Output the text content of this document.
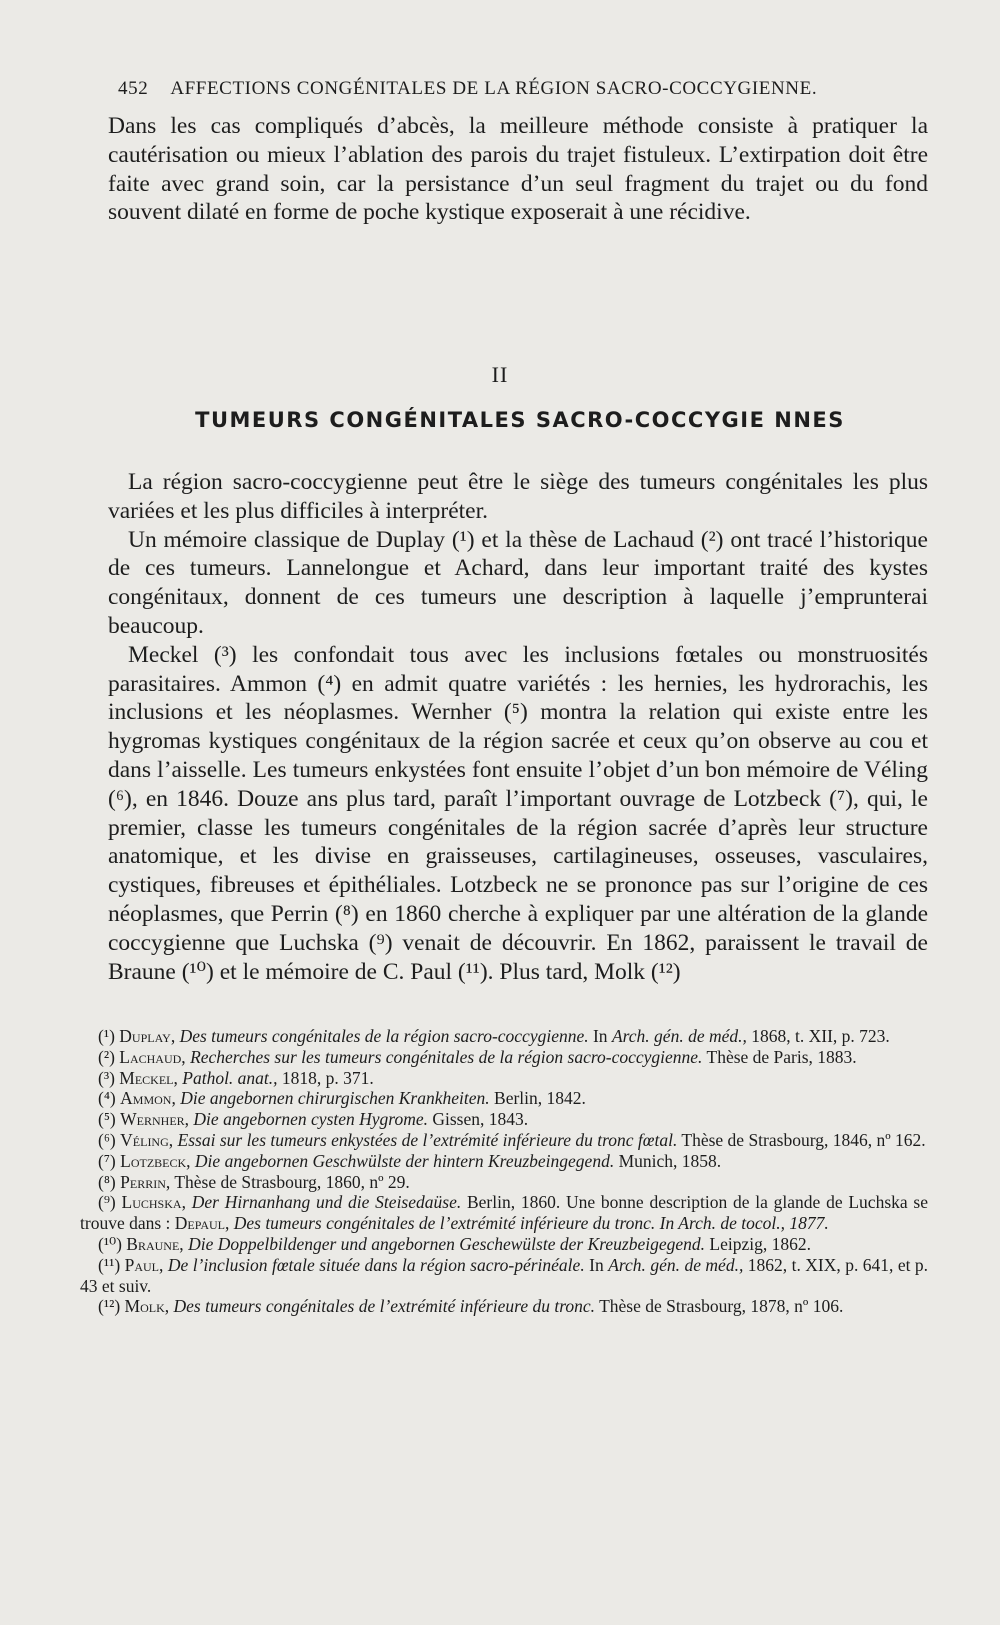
452 AFFECTIONS CONGÉNITALES DE LA RÉGION SACRO-COCCYGIENNE.

Dans les cas compliqués d’abcès, la meilleure méthode consiste à pratiquer la cautérisation ou mieux l’ablation des parois du trajet fistuleux. L’extirpation doit être faite avec grand soin, car la persistance d’un seul fragment du trajet ou du fond souvent dilaté en forme de poche kystique exposerait à une récidive.

II
TUMEURS CONGÉNITALES SACRO-COCCYGIE NNES

La région sacro-coccygienne peut être le siège des tumeurs congénitales les plus variées et les plus difficiles à interpréter.

Un mémoire classique de Duplay (¹) et la thèse de Lachaud (²) ont tracé l’historique de ces tumeurs. Lannelongue et Achard, dans leur important traité des kystes congénitaux, donnent de ces tumeurs une description à laquelle j’emprunterai beaucoup.

Meckel (³) les confondait tous avec les inclusions fœtales ou monstruosités parasitaires. Ammon (⁴) en admit quatre variétés : les hernies, les hydrorachis, les inclusions et les néoplasmes. Wernher (⁵) montra la relation qui existe entre les hygromas kystiques congénitaux de la région sacrée et ceux qu’on observe au cou et dans l’aisselle. Les tumeurs enkystées font ensuite l’objet d’un bon mémoire de Véling (⁶), en 1846. Douze ans plus tard, paraît l’important ouvrage de Lotzbeck (⁷), qui, le premier, classe les tumeurs congénitales de la région sacrée d’après leur structure anatomique, et les divise en graisseuses, cartilagineuses, osseuses, vasculaires, cystiques, fibreuses et épithéliales. Lotzbeck ne se prononce pas sur l’origine de ces néoplasmes, que Perrin (⁸) en 1860 cherche à expliquer par une altération de la glande coccygienne que Luchska (⁹) venait de découvrir. En 1862, paraissent le travail de Braune (¹⁰) et le mémoire de C. Paul (¹¹). Plus tard, Molk (¹²)

(¹) Duplay, Des tumeurs congénitales de la région sacro-coccygienne. In Arch. gén. de méd., 1868, t. XII, p. 723.

(²) Lachaud, Recherches sur les tumeurs congénitales de la région sacro-coccygienne. Thèse de Paris, 1883.

(³) Meckel, Pathol. anat., 1818, p. 371.

(⁴) Ammon, Die angebornen chirurgischen Krankheiten. Berlin, 1842.

(⁵) Wernher, Die angebornen cysten Hygrome. Gissen, 1843.

(⁶) Véling, Essai sur les tumeurs enkystées de l’extrémité inférieure du tronc fœtal. Thèse de Strasbourg, 1846, nº 162.

(⁷) Lotzbeck, Die angebornen Geschwülste der hintern Kreuzbeingegend. Munich, 1858.

(⁸) Perrin, Thèse de Strasbourg, 1860, nº 29.

(⁹) Luchska, Der Hirnanhang und die Steisedaüse. Berlin, 1860. Une bonne description de la glande de Luchska se trouve dans : Depaul, Des tumeurs congénitales de l’extrémité inférieure du tronc. In Arch. de tocol., 1877.

(¹⁰) Braune, Die Doppelbildenger und angebornen Geschewülste der Kreuzbeigegend. Leipzig, 1862.

(¹¹) Paul, De l’inclusion fœtale située dans la région sacro-périnéale. In Arch. gén. de méd., 1862, t. XIX, p. 641, et p. 43 et suiv.

(¹²) Molk, Des tumeurs congénitales de l’extrémité inférieure du tronc. Thèse de Strasbourg, 1878, nº 106.
